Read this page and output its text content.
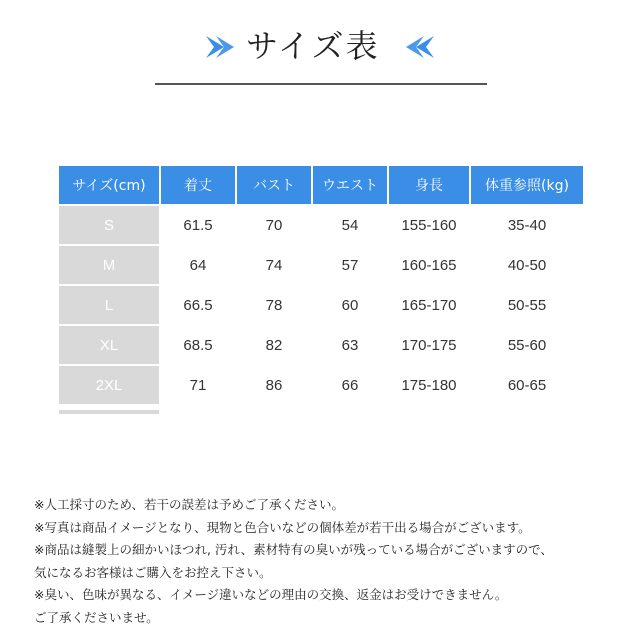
サイズ表
サイズ(cm)	着丈	バスト	ウエスト	身長	体重参照(kg)
S	61.5	70	54	155-160	35-40
M	64	74	57	160-165	40-50
L	66.5	78	60	165-170	50-55
XL	68.5	82	63	170-175	55-60
2XL	71	86	66	175-180	60-65
※人工採寸のため、若干の誤差は予めご了承ください。
※写真は商品イメージとなり、現物と色合いなどの個体差が若干出る場合がございます。
※商品は縫製上の細かいほつれ, 汚れ、素材特有の臭いが残っている場合がございますので、
気になるお客様はご購入をお控え下さい。
※臭い、色味が異なる、イメージ違いなどの理由の交換、返金はお受けできません。
ご了承くださいませ。
